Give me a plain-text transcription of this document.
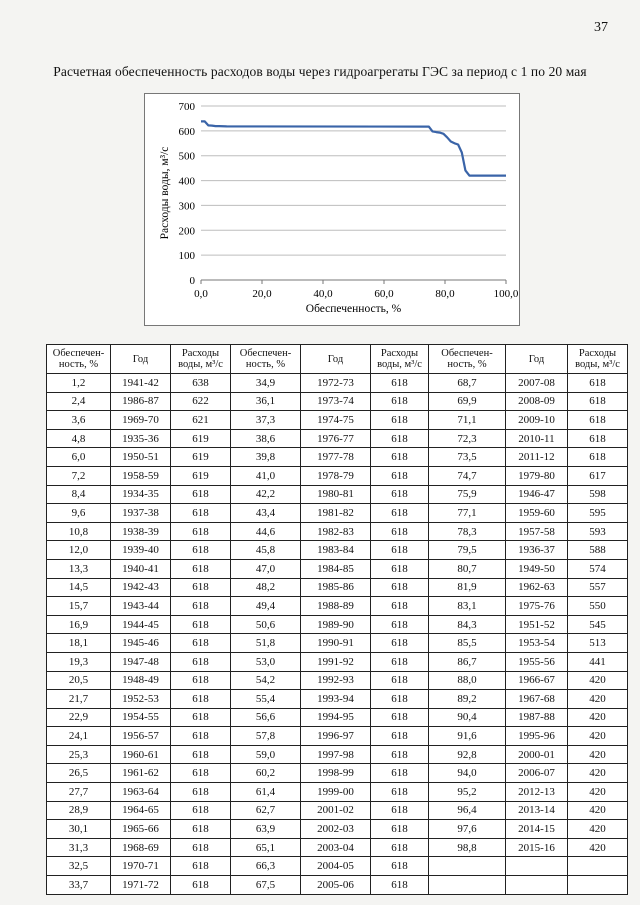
37
Расчетная обеспеченность расходов воды через гидроагрегаты ГЭС за период с 1 по 20 мая
0
100
200
300
400
500
600
700
0,0	20,0	40,0	60,0	80,0	100,0
Обеспеченность, %
Расходы воды, м³/с
Обеспечен-ность, %	Год	Расходы воды, м³/с	Обеспечен-ность, %	Год	Расходы воды, м³/с	Обеспечен-ность, %	Год	Расходы воды, м³/с
1,2	1941-42	638	34,9	1972-73	618	68,7	2007-08	618
2,4	1986-87	622	36,1	1973-74	618	69,9	2008-09	618
3,6	1969-70	621	37,3	1974-75	618	71,1	2009-10	618
4,8	1935-36	619	38,6	1976-77	618	72,3	2010-11	618
6,0	1950-51	619	39,8	1977-78	618	73,5	2011-12	618
7,2	1958-59	619	41,0	1978-79	618	74,7	1979-80	617
8,4	1934-35	618	42,2	1980-81	618	75,9	1946-47	598
9,6	1937-38	618	43,4	1981-82	618	77,1	1959-60	595
10,8	1938-39	618	44,6	1982-83	618	78,3	1957-58	593
12,0	1939-40	618	45,8	1983-84	618	79,5	1936-37	588
13,3	1940-41	618	47,0	1984-85	618	80,7	1949-50	574
14,5	1942-43	618	48,2	1985-86	618	81,9	1962-63	557
15,7	1943-44	618	49,4	1988-89	618	83,1	1975-76	550
16,9	1944-45	618	50,6	1989-90	618	84,3	1951-52	545
18,1	1945-46	618	51,8	1990-91	618	85,5	1953-54	513
19,3	1947-48	618	53,0	1991-92	618	86,7	1955-56	441
20,5	1948-49	618	54,2	1992-93	618	88,0	1966-67	420
21,7	1952-53	618	55,4	1993-94	618	89,2	1967-68	420
22,9	1954-55	618	56,6	1994-95	618	90,4	1987-88	420
24,1	1956-57	618	57,8	1996-97	618	91,6	1995-96	420
25,3	1960-61	618	59,0	1997-98	618	92,8	2000-01	420
26,5	1961-62	618	60,2	1998-99	618	94,0	2006-07	420
27,7	1963-64	618	61,4	1999-00	618	95,2	2012-13	420
28,9	1964-65	618	62,7	2001-02	618	96,4	2013-14	420
30,1	1965-66	618	63,9	2002-03	618	97,6	2014-15	420
31,3	1968-69	618	65,1	2003-04	618	98,8	2015-16	420
32,5	1970-71	618	66,3	2004-05	618			
33,7	1971-72	618	67,5	2005-06	618			
